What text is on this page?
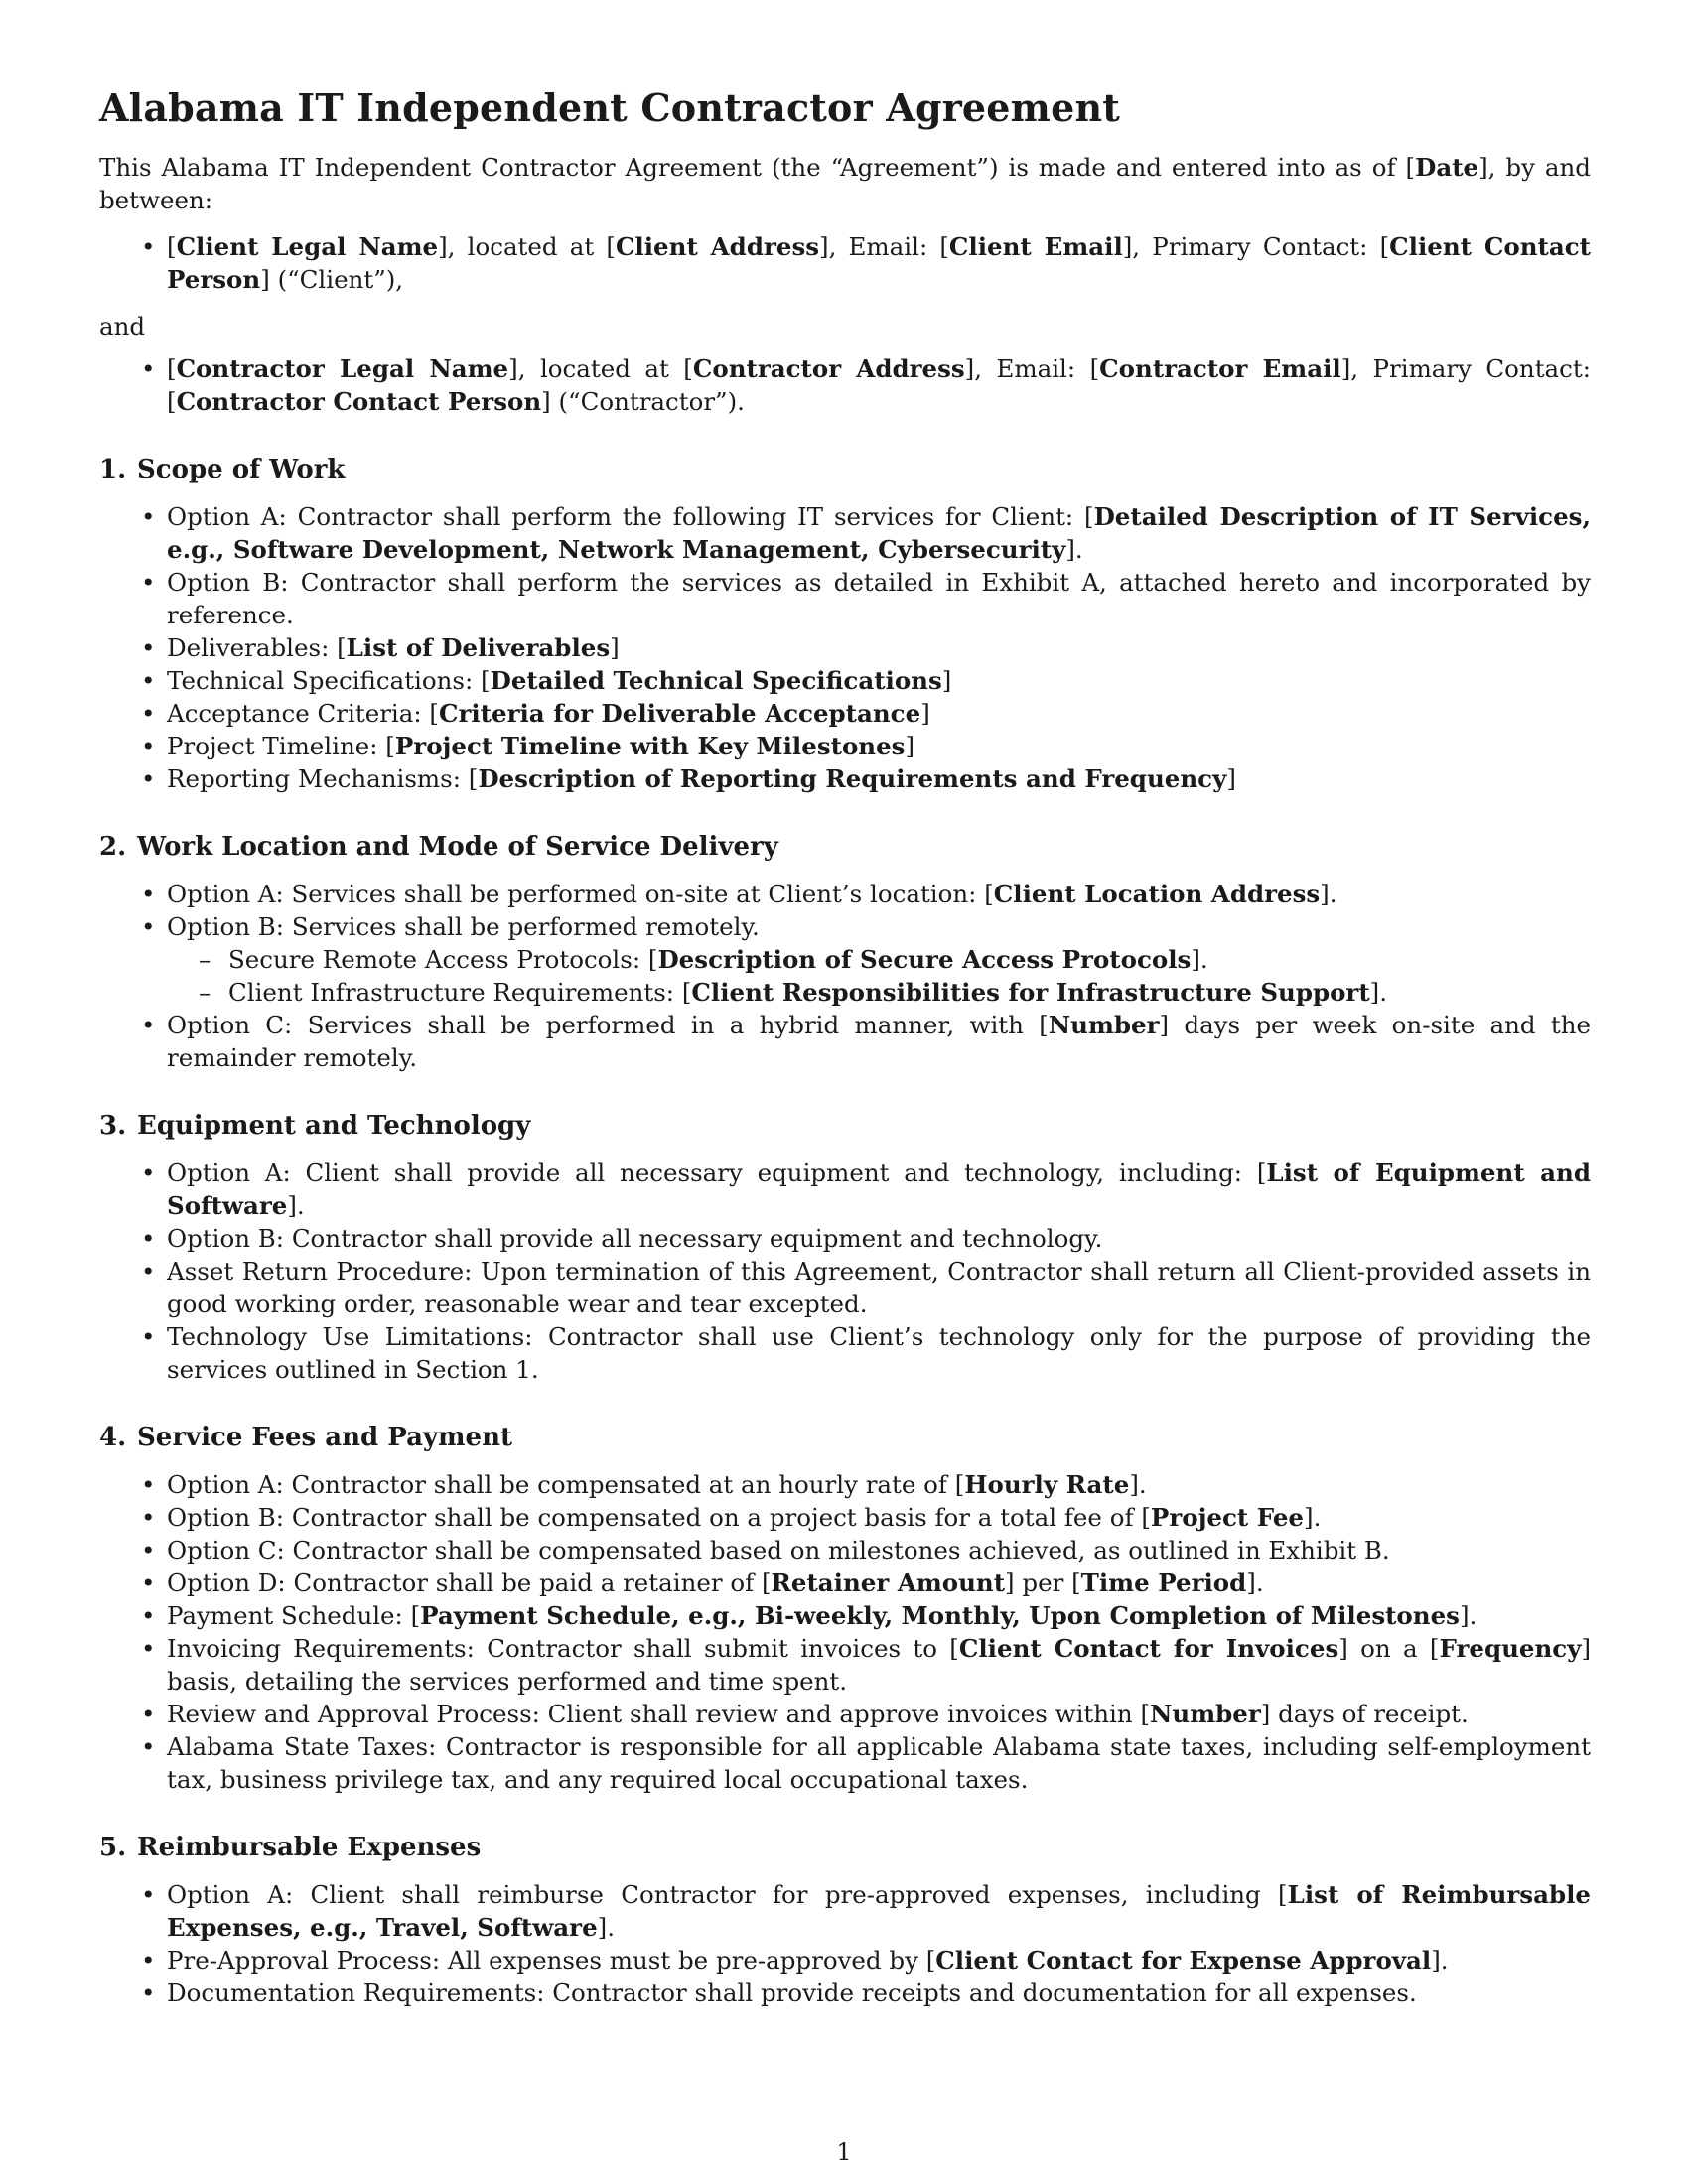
Alabama IT Independent Contractor Agreement

This Alabama IT Independent Contractor Agreement (the “Agreement”) is made and entered into as of [Date], by and between:

• [Client Legal Name], located at [Client Address], Email: [Client Email], Primary Contact: [Client Contact Person] (“Client”),

and

• [Contractor Legal Name], located at [Contractor Address], Email: [Contractor Email], Primary Contact: [Contractor Contact Person] (“Contractor”).
1. Scope of Work
• Option A: Contractor shall perform the following IT services for Client: [Detailed Description of IT Services, e.g., Software Development, Network Management, Cybersecurity].
• Option B: Contractor shall perform the services as detailed in Exhibit A, attached hereto and incorporated by reference.
• Deliverables: [List of Deliverables]
• Technical Specifications: [Detailed Technical Specifications]
• Acceptance Criteria: [Criteria for Deliverable Acceptance]
• Project Timeline: [Project Timeline with Key Milestones]
• Reporting Mechanisms: [Description of Reporting Requirements and Frequency]
2. Work Location and Mode of Service Delivery
• Option A: Services shall be performed on-site at Client’s location: [Client Location Address].
• Option B: Services shall be performed remotely.
– Secure Remote Access Protocols: [Description of Secure Access Protocols].
– Client Infrastructure Requirements: [Client Responsibilities for Infrastructure Support].
• Option C: Services shall be performed in a hybrid manner, with [Number] days per week on-site and the remainder remotely.
3. Equipment and Technology
• Option A: Client shall provide all necessary equipment and technology, including: [List of Equipment and Software].
• Option B: Contractor shall provide all necessary equipment and technology.
• Asset Return Procedure: Upon termination of this Agreement, Contractor shall return all Client-provided assets in good working order, reasonable wear and tear excepted.
• Technology Use Limitations: Contractor shall use Client’s technology only for the purpose of providing the services outlined in Section 1.
4. Service Fees and Payment
• Option A: Contractor shall be compensated at an hourly rate of [Hourly Rate].
• Option B: Contractor shall be compensated on a project basis for a total fee of [Project Fee].
• Option C: Contractor shall be compensated based on milestones achieved, as outlined in Exhibit B.
• Option D: Contractor shall be paid a retainer of [Retainer Amount] per [Time Period].
• Payment Schedule: [Payment Schedule, e.g., Bi-weekly, Monthly, Upon Completion of Milestones].
• Invoicing Requirements: Contractor shall submit invoices to [Client Contact for Invoices] on a [Frequency] basis, detailing the services performed and time spent.
• Review and Approval Process: Client shall review and approve invoices within [Number] days of receipt.
• Alabama State Taxes: Contractor is responsible for all applicable Alabama state taxes, including self-employment tax, business privilege tax, and any required local occupational taxes.
5. Reimbursable Expenses
• Option A: Client shall reimburse Contractor for pre-approved expenses, including [List of Reimbursable Expenses, e.g., Travel, Software].
• Pre-Approval Process: All expenses must be pre-approved by [Client Contact for Expense Approval].
• Documentation Requirements: Contractor shall provide receipts and documentation for all expenses.
1
